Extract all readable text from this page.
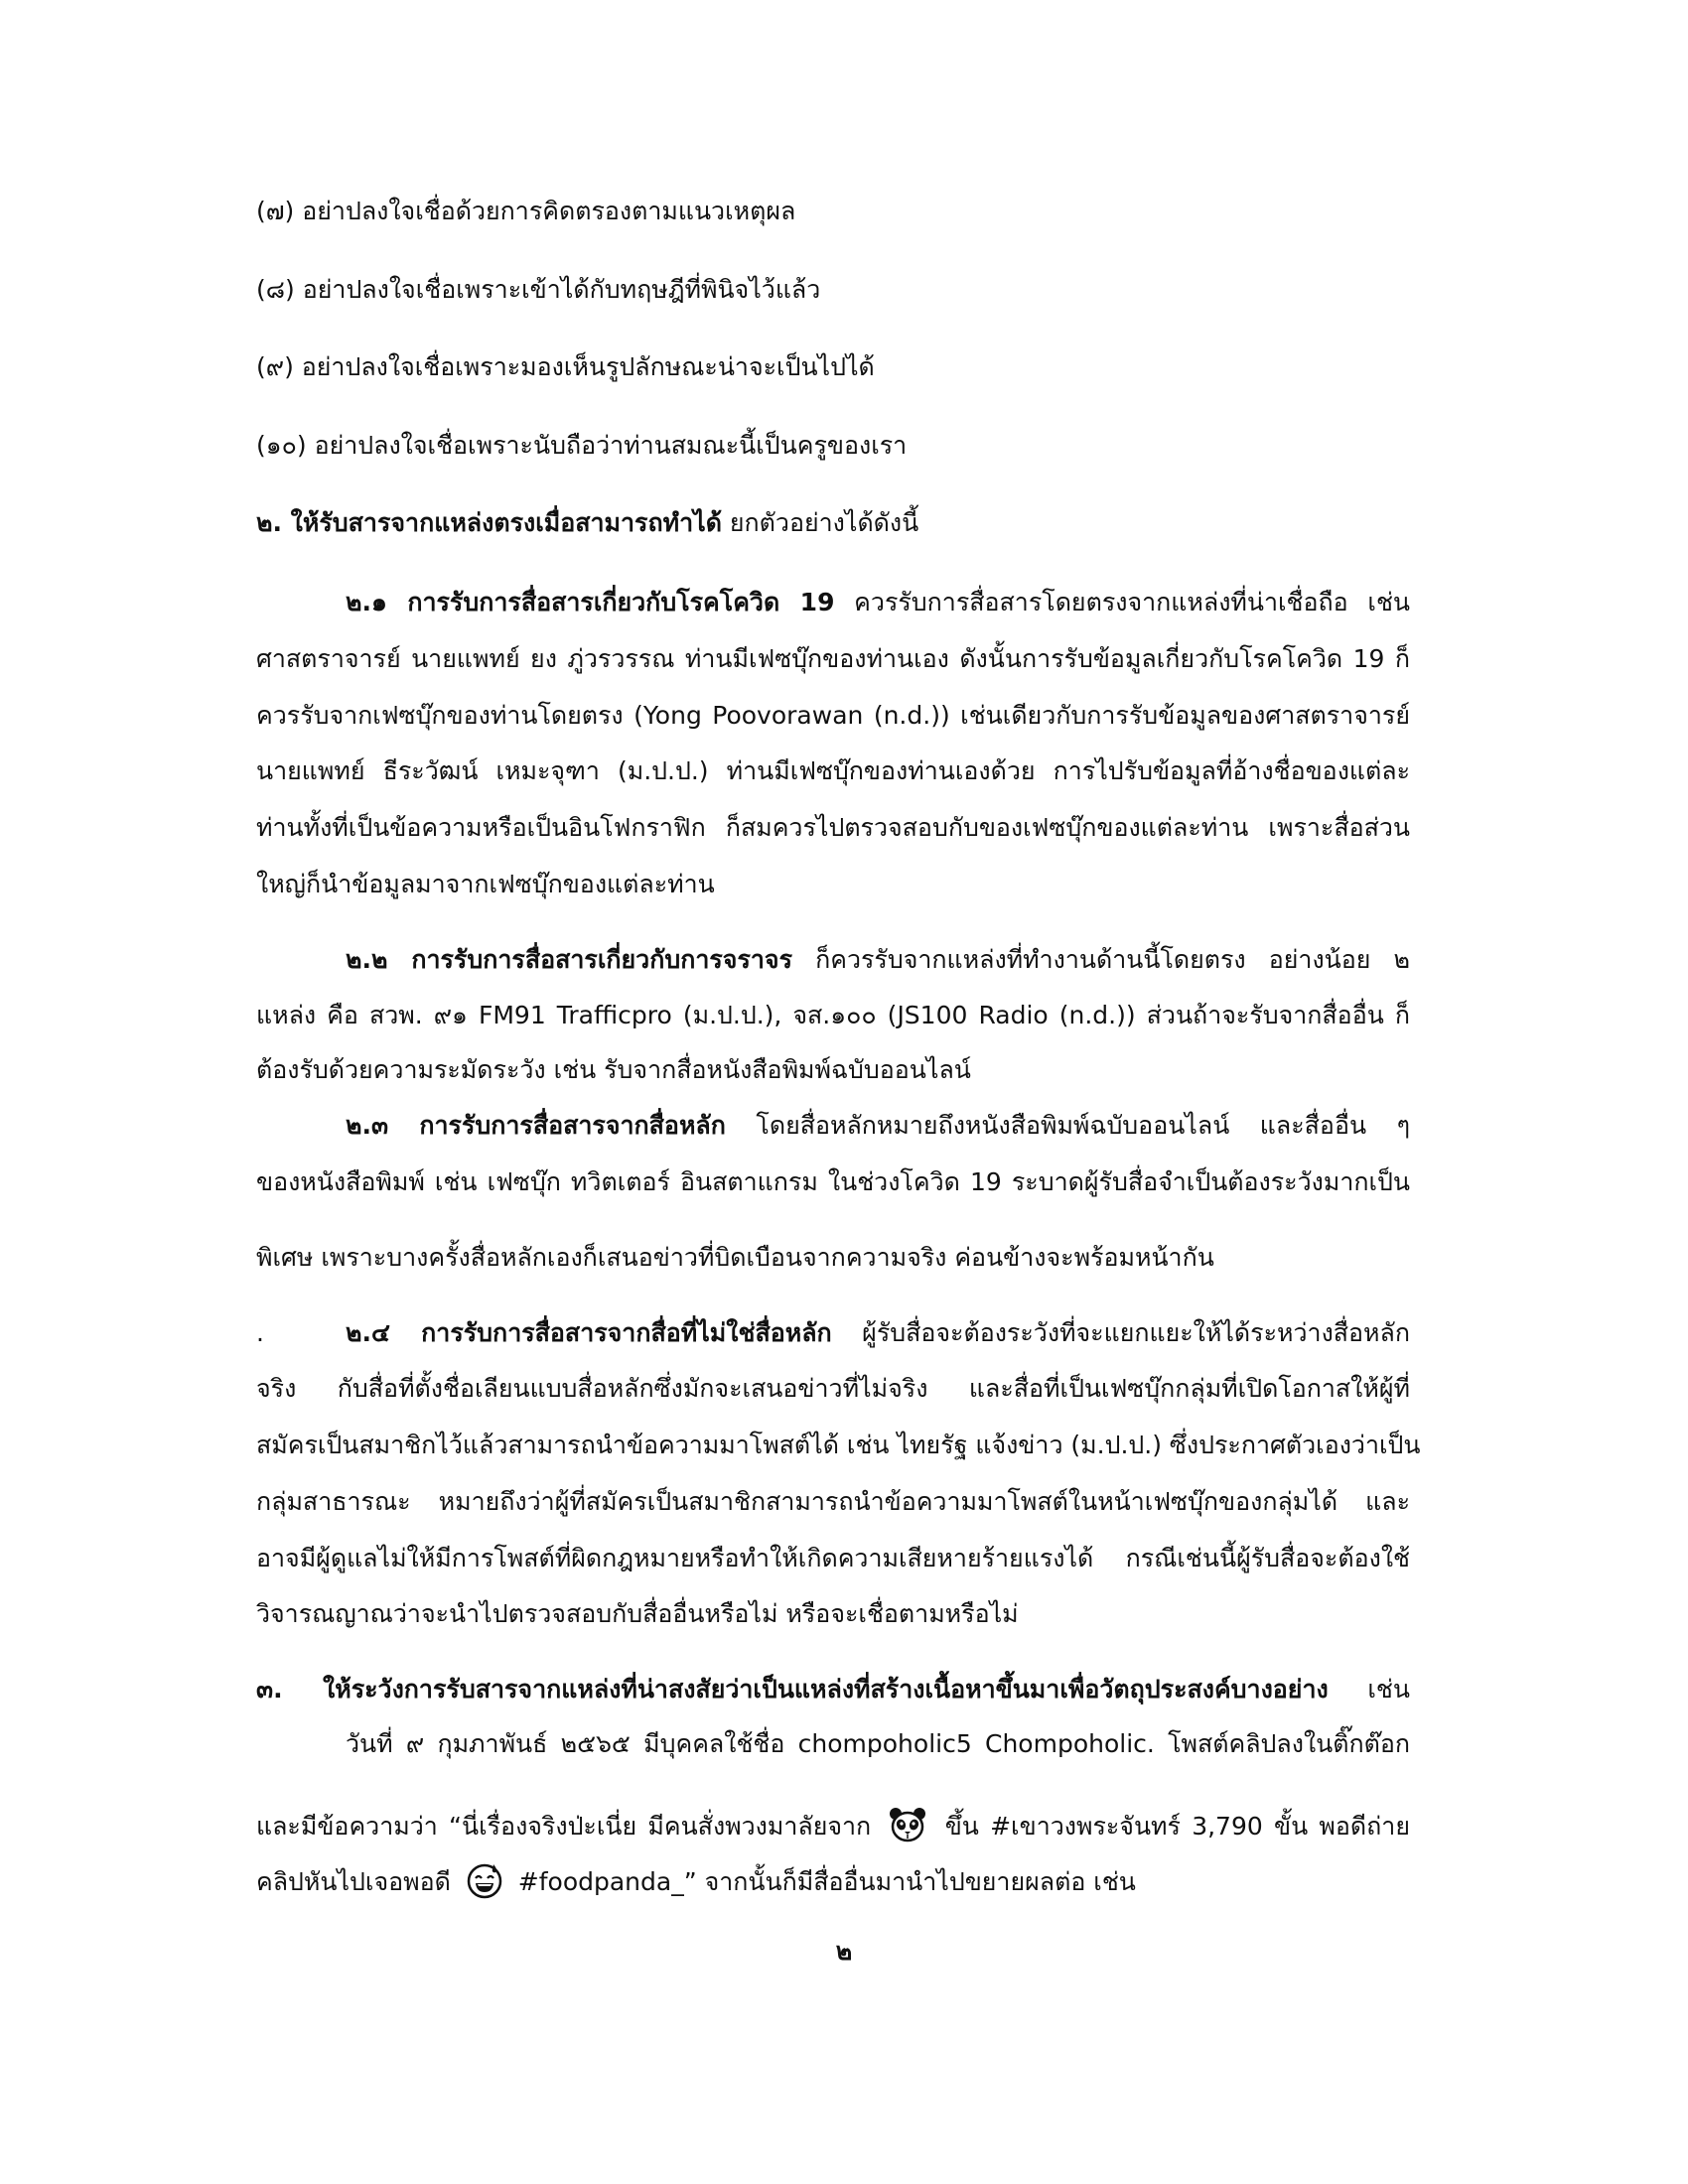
(๗) อย่าปลงใจเชื่อด้วยการคิดตรองตามแนวเหตุผล
(๘) อย่าปลงใจเชื่อเพราะเข้าได้กับทฤษฎีที่พินิจไว้แล้ว
(๙) อย่าปลงใจเชื่อเพราะมองเห็นรูปลักษณะน่าจะเป็นไปได้
(๑๐) อย่าปลงใจเชื่อเพราะนับถือว่าท่านสมณะนี้เป็นครูของเรา
๒. ให้รับสารจากแหล่งตรงเมื่อสามารถทำได้ ยกตัวอย่างได้ดังนี้
๒.๑ การรับการสื่อสารเกี่ยวกับโรคโควิด 19 ควรรับการสื่อสารโดยตรงจากแหล่งที่น่าเชื่อถือ เช่น
ศาสตราจารย์ นายแพทย์ ยง ภู่วรวรรณ ท่านมีเฟซบุ๊กของท่านเอง ดังนั้นการรับข้อมูลเกี่ยวกับโรคโควิด 19 ก็
ควรรับจากเฟซบุ๊กของท่านโดยตรง (Yong Poovorawan (n.d.)) เช่นเดียวกับการรับข้อมูลของศาสตราจารย์
นายแพทย์ ธีระวัฒน์ เหมะจุฑา (ม.ป.ป.) ท่านมีเฟซบุ๊กของท่านเองด้วย การไปรับข้อมูลที่อ้างชื่อของแต่ละ
ท่านทั้งที่เป็นข้อความหรือเป็นอินโฟกราฟิก ก็สมควรไปตรวจสอบกับของเฟซบุ๊กของแต่ละท่าน เพราะสื่อส่วน
ใหญ่ก็นำข้อมูลมาจากเฟซบุ๊กของแต่ละท่าน
๒.๒ การรับการสื่อสารเกี่ยวกับการจราจร ก็ควรรับจากแหล่งที่ทำงานด้านนี้โดยตรง อย่างน้อย ๒
แหล่ง คือ สวพ. ๙๑ FM91 Trafficpro (ม.ป.ป.), จส.๑๐๐ (JS100 Radio (n.d.)) ส่วนถ้าจะรับจากสื่ออื่น ก็
ต้องรับด้วยความระมัดระวัง เช่น รับจากสื่อหนังสือพิมพ์ฉบับออนไลน์
๒.๓ การรับการสื่อสารจากสื่อหลัก โดยสื่อหลักหมายถึงหนังสือพิมพ์ฉบับออนไลน์ และสื่ออื่น ๆ
ของหนังสือพิมพ์ เช่น เฟซบุ๊ก ทวิตเตอร์ อินสตาแกรม ในช่วงโควิด 19 ระบาดผู้รับสื่อจำเป็นต้องระวังมากเป็น
พิเศษ เพราะบางครั้งสื่อหลักเองก็เสนอข่าวที่บิดเบือนจากความจริง ค่อนข้างจะพร้อมหน้ากัน
.	๒.๔ การรับการสื่อสารจากสื่อที่ไม่ใช่สื่อหลัก ผู้รับสื่อจะต้องระวังที่จะแยกแยะให้ได้ระหว่างสื่อหลัก
จริง กับสื่อที่ตั้งชื่อเลียนแบบสื่อหลักซึ่งมักจะเสนอข่าวที่ไม่จริง และสื่อที่เป็นเฟซบุ๊กกลุ่มที่เปิดโอกาสให้ผู้ที่
สมัครเป็นสมาชิกไว้แล้วสามารถนำข้อความมาโพสต์ได้ เช่น ไทยรัฐ แจ้งข่าว (ม.ป.ป.) ซึ่งประกาศตัวเองว่าเป็น
กลุ่มสาธารณะ หมายถึงว่าผู้ที่สมัครเป็นสมาชิกสามารถนำข้อความมาโพสต์ในหน้าเฟซบุ๊กของกลุ่มได้ และ
อาจมีผู้ดูแลไม่ให้มีการโพสต์ที่ผิดกฎหมายหรือทำให้เกิดความเสียหายร้ายแรงได้ กรณีเช่นนี้ผู้รับสื่อจะต้องใช้
วิจารณญาณว่าจะนำไปตรวจสอบกับสื่ออื่นหรือไม่ หรือจะเชื่อตามหรือไม่
๓. ให้ระวังการรับสารจากแหล่งที่น่าสงสัยว่าเป็นแหล่งที่สร้างเนื้อหาขึ้นมาเพื่อวัตถุประสงค์บางอย่าง เช่น
วันที่ ๙ กุมภาพันธ์ ๒๕๖๕ มีบุคคลใช้ชื่อ chompoholic5 Chompoholic. โพสต์คลิปลงในติ๊กต๊อก
และมีข้อความว่า “นี่เรื่องจริงป่ะเนี่ย มีคนสั่งพวงมาลัยจาก	ขึ้น #เขาวงพระจันทร์ 3,790 ขั้น พอดีถ่าย
คลิปหันไปเจอพอดี	#foodpanda_” จากนั้นก็มีสื่ออื่นมานำไปขยายผลต่อ เช่น
๒
